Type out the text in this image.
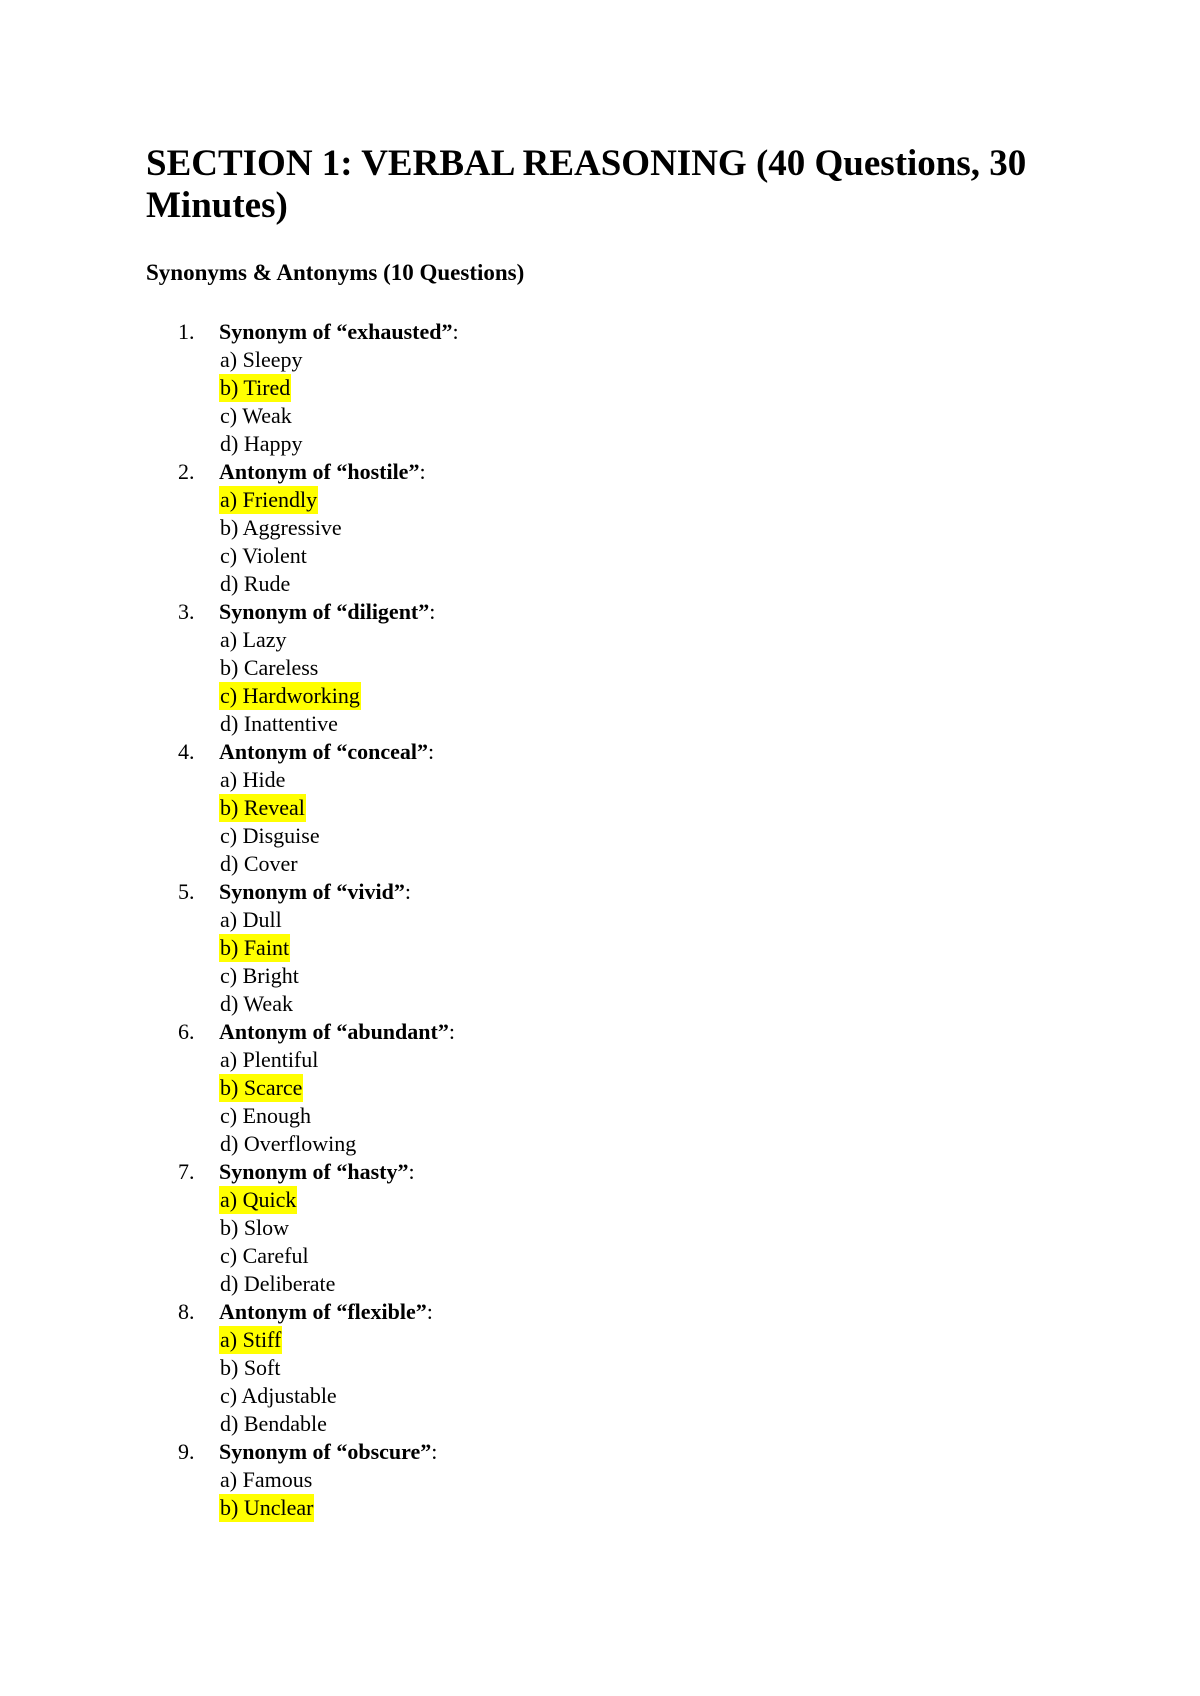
SECTION 1: VERBAL REASONING (40 Questions, 30 Minutes)
Synonyms & Antonyms (10 Questions)
1. Synonym of “exhausted”:
a) Sleepy
b) Tired
c) Weak
d) Happy
2. Antonym of “hostile”:
a) Friendly
b) Aggressive
c) Violent
d) Rude
3. Synonym of “diligent”:
a) Lazy
b) Careless
c) Hardworking
d) Inattentive
4. Antonym of “conceal”:
a) Hide
b) Reveal
c) Disguise
d) Cover
5. Synonym of “vivid”:
a) Dull
b) Faint
c) Bright
d) Weak
6. Antonym of “abundant”:
a) Plentiful
b) Scarce
c) Enough
d) Overflowing
7. Synonym of “hasty”:
a) Quick
b) Slow
c) Careful
d) Deliberate
8. Antonym of “flexible”:
a) Stiff
b) Soft
c) Adjustable
d) Bendable
9. Synonym of “obscure”:
a) Famous
b) Unclear
